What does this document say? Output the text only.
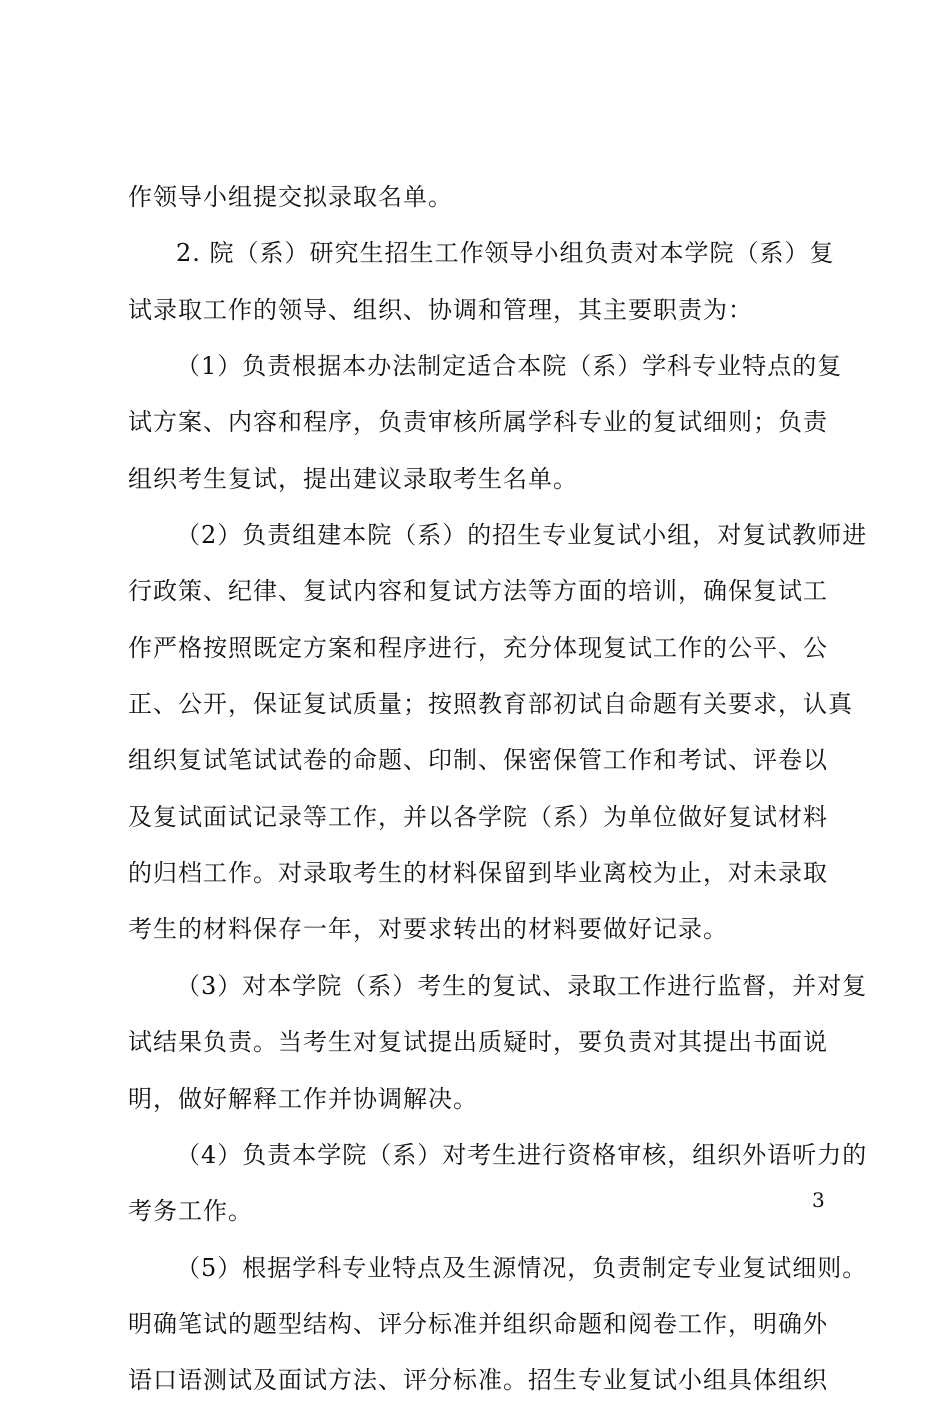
作领导小组提交拟录取名单。
2. 院（系）研究生招生工作领导小组负责对本学院（系）复
试录取工作的领导、组织、协调和管理，其主要职责为：
（1）负责根据本办法制定适合本院（系）学科专业特点的复
试方案、内容和程序，负责审核所属学科专业的复试细则；负责
组织考生复试，提出建议录取考生名单。
（2）负责组建本院（系）的招生专业复试小组，对复试教师进
行政策、纪律、复试内容和复试方法等方面的培训，确保复试工
作严格按照既定方案和程序进行，充分体现复试工作的公平、公
正、公开，保证复试质量；按照教育部初试自命题有关要求，认真
组织复试笔试试卷的命题、印制、保密保管工作和考试、评卷以
及复试面试记录等工作，并以各学院（系）为单位做好复试材料
的归档工作。对录取考生的材料保留到毕业离校为止，对未录取
考生的材料保存一年，对要求转出的材料要做好记录。
（3）对本学院（系）考生的复试、录取工作进行监督，并对复
试结果负责。当考生对复试提出质疑时，要负责对其提出书面说
明，做好解释工作并协调解决。
（4）负责本学院（系）对考生进行资格审核，组织外语听力的
考务工作。
（5）根据学科专业特点及生源情况，负责制定专业复试细则。
明确笔试的题型结构、评分标准并组织命题和阅卷工作，明确外
语口语测试及面试方法、评分标准。招生专业复试小组具体组织
3
